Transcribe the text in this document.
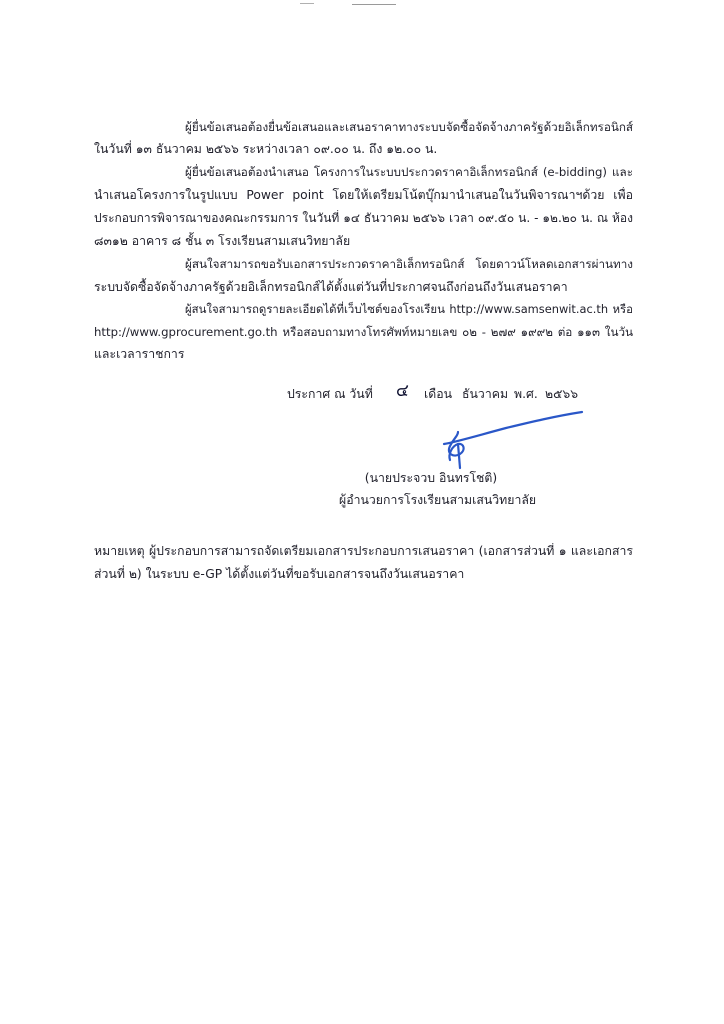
ผู้ยื่นข้อเสนอต้องยื่นข้อเสนอและเสนอราคาทางระบบจัดซื้อจัดจ้างภาครัฐด้วยอิเล็กทรอนิกส์
ในวันที่ ๑๓ ธันวาคม ๒๕๖๖ ระหว่างเวลา ๐๙.๐๐ น. ถึง ๑๒.๐๐ น.
ผู้ยื่นข้อเสนอต้องนำเสนอ โครงการในระบบประกวดราคาอิเล็กทรอนิกส์ (e-bidding) และ
นำเสนอโครงการในรูปแบบ Power point โดยให้เตรียมโน้ตบุ๊กมานำเสนอในวันพิจารณาฯด้วย เพื่อ
ประกอบการพิจารณาของคณะกรรมการ ในวันที่ ๑๔ ธันวาคม ๒๕๖๖ เวลา ๐๙.๕๐ น. - ๑๒.๒๐ น. ณ ห้อง
๘๓๑๒ อาคาร ๘ ชั้น ๓ โรงเรียนสามเสนวิทยาลัย
ผู้สนใจสามารถขอรับเอกสารประกวดราคาอิเล็กทรอนิกส์ โดยดาวน์โหลดเอกสารผ่านทาง
ระบบจัดซื้อจัดจ้างภาครัฐด้วยอิเล็กทรอนิกส์ได้ตั้งแต่วันที่ประกาศจนถึงก่อนถึงวันเสนอราคา
ผู้สนใจสามารถดูรายละเอียดได้ที่เว็บไซต์ของโรงเรียน http://www.samsenwit.ac.th หรือ
http://www.gprocurement.go.th หรือสอบถามทางโทรศัพท์หมายเลข ๐๒ - ๒๗๙ ๑๙๙๒ ต่อ ๑๑๓ ในวัน
และเวลาราชการ
ประกาศ ณ วันที่ ๔ เดือน ธันวาคม พ.ศ. ๒๕๖๖
(นายประจวบ อินทรโชติ)
ผู้อำนวยการโรงเรียนสามเสนวิทยาลัย
หมายเหตุ ผู้ประกอบการสามารถจัดเตรียมเอกสารประกอบการเสนอราคา (เอกสารส่วนที่ ๑ และเอกสาร
ส่วนที่ ๒) ในระบบ e-GP ได้ตั้งแต่วันที่ขอรับเอกสารจนถึงวันเสนอราคา
